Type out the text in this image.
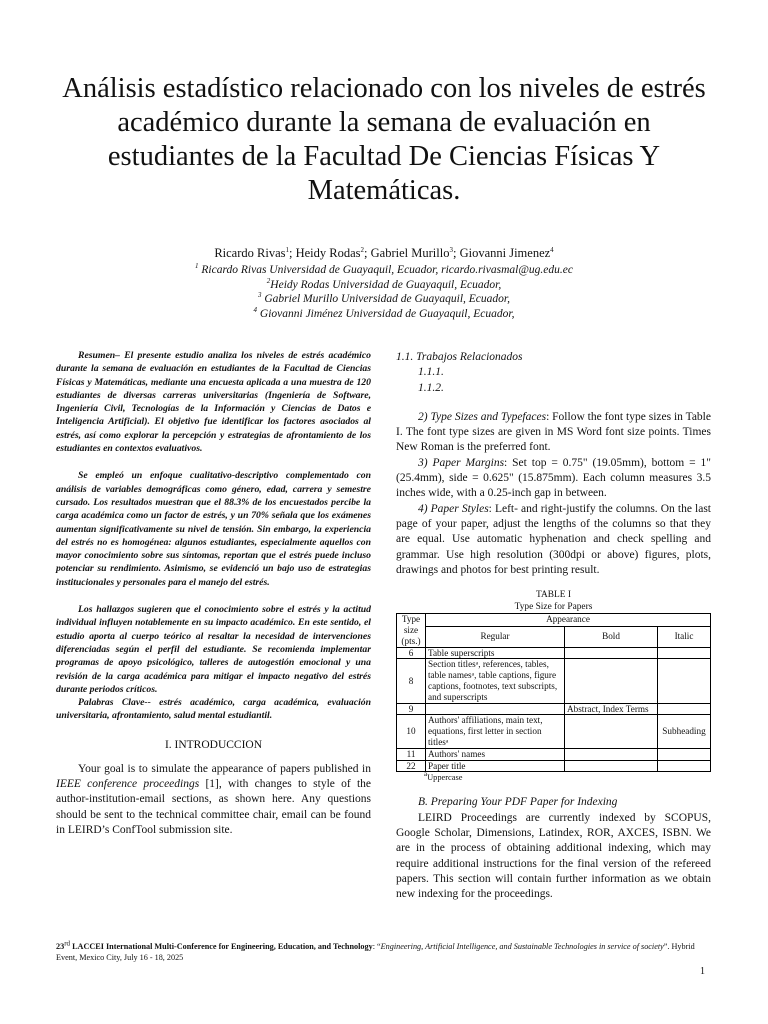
Análisis estadístico relacionado con los niveles de estrés académico durante la semana de evaluación en estudiantes de la Facultad De Ciencias Físicas Y Matemáticas.
Ricardo Rivas$^1$; Heidy Rodas$^2$; Gabriel Murillo$^3$; Giovanni Jimenez$^4$
$^1$ Ricardo Rivas Universidad de Guayaquil, Ecuador, ricardo.rivasmal@ug.edu.ec
$^2$Heidy Rodas Universidad de Guayaquil, Ecuador,
$^3$ Gabriel Murillo Universidad de Guayaquil, Ecuador,
$^4$ Giovanni Jiménez Universidad de Guayaquil, Ecuador,

Resumen– El presente estudio analiza los niveles de estrés académico durante la semana de evaluación en estudiantes de la Facultad de Ciencias Físicas y Matemáticas, mediante una encuesta aplicada a una muestra de 120 estudiantes de diversas carreras universitarias (Ingeniería de Software, Ingeniería Civil, Tecnologías de la Información y Ciencias de Datos e Inteligencia Artificial). El objetivo fue identificar los factores asociados al estrés, así como explorar la percepción y estrategias de afrontamiento de los estudiantes en contextos evaluativos.

Se empleó un enfoque cualitativo-descriptivo complementado con análisis de variables demográficas como género, edad, carrera y semestre cursado. Los resultados muestran que el 88.3% de los encuestados percibe la carga académica como un factor de estrés, y un 70% señala que los exámenes aumentan significativamente su nivel de tensión. Sin embargo, la experiencia del estrés no es homogénea: algunos estudiantes, especialmente aquellos con mayor conocimiento sobre sus síntomas, reportan que el estrés puede incluso potenciar su rendimiento. Asimismo, se evidenció un bajo uso de estrategias institucionales y personales para el manejo del estrés.

Los hallazgos sugieren que el conocimiento sobre el estrés y la actitud individual influyen notablemente en su impacto académico. En este sentido, el estudio aporta al cuerpo teórico al resaltar la necesidad de intervenciones diferenciadas según el perfil del estudiante. Se recomienda implementar programas de apoyo psicológico, talleres de autogestión emocional y una revisión de la carga académica para mitigar el impacto negativo del estrés durante periodos críticos.

Palabras Clave-- estrés académico, carga académica, evaluación universitaria, afrontamiento, salud mental estudiantil.

I. INTRODUCCION

Your goal is to simulate the appearance of papers published in IEEE conference proceedings [1], with changes to style of the author-institution-email sections, as shown here. Any questions should be sent to the technical committee chair, email can be found in LEIRD’s ConfTool submission site.

1.1. Trabajos Relacionados

1.1.1.

1.1.2.

2) Type Sizes and Typefaces: Follow the font type sizes in Table I. The font type sizes are given in MS Word font size points. Times New Roman is the preferred font.

3) Paper Margins: Set top = 0.75" (19.05mm), bottom = 1" (25.4mm), side = 0.625" (15.875mm). Each column measures 3.5 inches wide, with a 0.25-inch gap in between.

4) Paper Styles: Left- and right-justify the columns. On the last page of your paper, adjust the lengths of the columns so that they are equal. Use automatic hyphenation and check spelling and grammar. Use high resolution (300dpi or above) figures, plots, drawings and photos for best printing result.

TABLE I
Type Size for Papers
Type size (pts.)	Appearance		
	Regular	Bold	Italic
6	Table superscripts		
8	Section titlesᵃ, references, tables, table namesᵃ, table captions, figure captions, footnotes, text subscripts, and superscripts		
9		Abstract, Index Terms	
10	Authors' affiliations, main text, equations, first letter in section titlesᵃ		Subheading
11	Authors' names		
22	Paper title		
$^a$Uppercase

B. Preparing Your PDF Paper for Indexing

LEIRD Proceedings are currently indexed by SCOPUS, Google Scholar, Dimensions, Latindex, ROR, AXCES, ISBN. We are in the process of obtaining additional indexing, which may require additional instructions for the final version of the refereed papers. This section will contain further information as we obtain new indexing for the proceedings.

23rd LACCEI International Multi-Conference for Engineering, Education, and Technology: “Engineering, Artificial Intelligence, and Sustainable Technologies in service of society”. Hybrid Event, Mexico City, July 16 - 18, 2025
1
